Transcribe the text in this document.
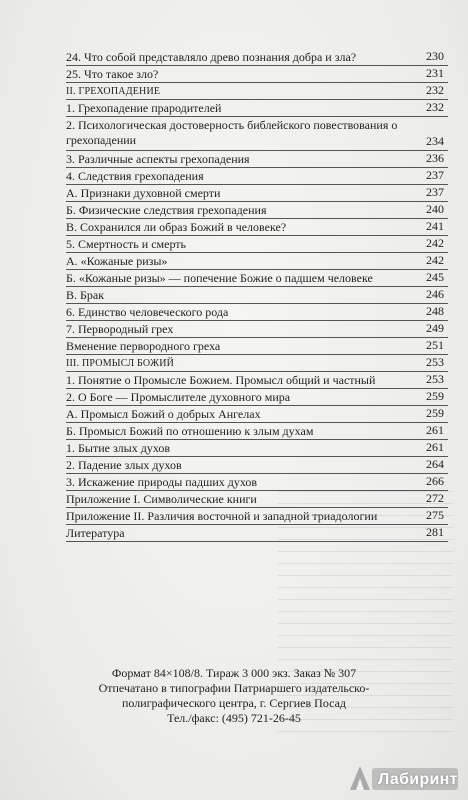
24. Что собой представляло древо познания добра и зла?	230
25. Что такое зло?	231
II. ГРЕХОПАДЕНИЕ	232
1. Грехопадение прародителей	232
2. Психологическая достоверность библейского повествования о грехопадении	234
3. Различные аспекты грехопадения	236
4. Следствия грехопадения	237
А. Признаки духовной смерти	237
Б. Физические следствия грехопадения	240
В. Сохранился ли образ Божий в человеке?	241
5. Смертность и смерть	242
А. «Кожаные ризы»	242
Б. «Кожаные ризы» — попечение Божие о падшем человеке	245
В. Брак	246
6. Единство человеческого рода	248
7. Первородный грех	249
Вменение первородного греха	251
III. ПРОМЫСЛ БОЖИЙ	253
1. Понятие о Промысле Божием. Промысл общий и частный	253
2. О Боге — Промыслителе духовного мира	259
А. Промысл Божий о добрых Ангелах	259
Б. Промысл Божий по отношению к злым духам	261
1. Бытие злых духов	261
2. Падение злых духов	264
3. Искажение природы падших духов	266
Приложение I. Символические книги	272
Приложение II. Различия восточной и западной триадологии	275
Литература	281
Формат 84×108/8. Тираж 3 000 экз. Заказ № 307
Отпечатано в типографии Патриаршего издательско-
полиграфического центра, г. Сергиев Посад
Тел./факс: (495) 721-26-45
Лабиринт
